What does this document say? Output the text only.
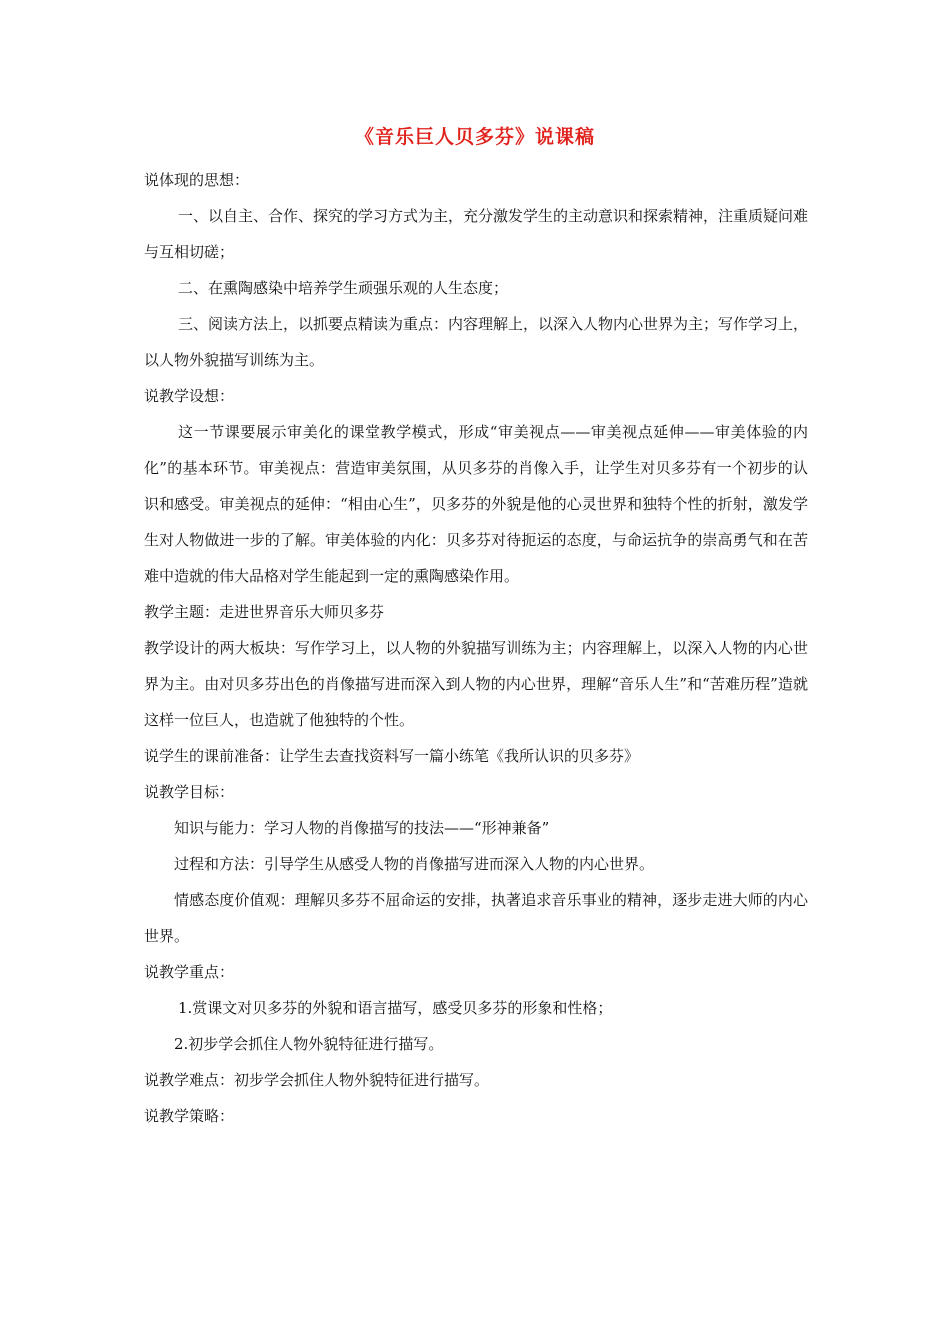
《音乐巨人贝多芬》说课稿

说体现的思想：

一、以自主、合作、探究的学习方式为主，充分激发学生的主动意识和探索精神，注重质疑问难与互相切磋；

二、在熏陶感染中培养学生顽强乐观的人生态度；

三、阅读方法上，以抓要点精读为重点：内容理解上，以深入人物内心世界为主；写作学习上，以人物外貌描写训练为主。

说教学设想：

这一节课要展示审美化的课堂教学模式，形成“审美视点——审美视点延伸——审美体验的内化”的基本环节。审美视点：营造审美氛围，从贝多芬的肖像入手，让学生对贝多芬有一个初步的认识和感受。审美视点的延伸：“相由心生”，贝多芬的外貌是他的心灵世界和独特个性的折射，激发学生对人物做进一步的了解。审美体验的内化：贝多芬对待扼运的态度，与命运抗争的崇高勇气和在苦难中造就的伟大品格对学生能起到一定的熏陶感染作用。

教学主题：走进世界音乐大师贝多芬

教学设计的两大板块：写作学习上，以人物的外貌描写训练为主；内容理解上，以深入人物的内心世界为主。由对贝多芬出色的肖像描写进而深入到人物的内心世界，理解“音乐人生”和“苦难历程”造就这样一位巨人，也造就了他独特的个性。

说学生的课前准备：让学生去查找资料写一篇小练笔《我所认识的贝多芬》

说教学目标：

知识与能力：学习人物的肖像描写的技法——“形神兼备”

过程和方法：引导学生从感受人物的肖像描写进而深入人物的内心世界。

情感态度价值观：理解贝多芬不屈命运的安排，执著追求音乐事业的精神，逐步走进大师的内心世界。

说教学重点：

1.赏课文对贝多芬的外貌和语言描写，感受贝多芬的形象和性格；

2.初步学会抓住人物外貌特征进行描写。

说教学难点：初步学会抓住人物外貌特征进行描写。

说教学策略：
